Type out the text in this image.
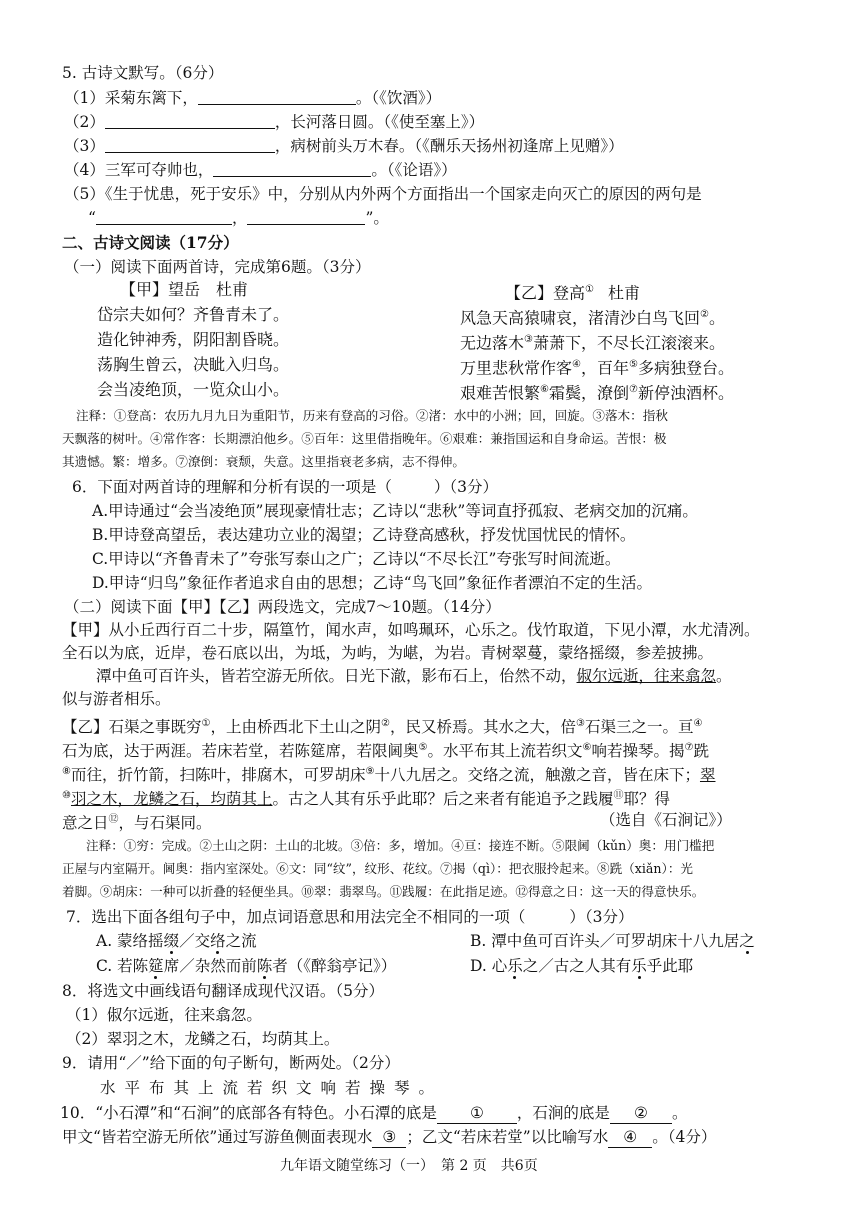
5. 古诗文默写。（6分）
（1）采菊东篱下，	。（《饮酒》）
（2）	，长河落日圆。（《使至塞上》）
（3）	，病树前头万木春。（《酬乐天扬州初逢席上见赠》）
（4）三军可夺帅也，	。（《论语》）
（5）《生于忧患，死于安乐》中，分别从内外两个方面指出一个国家走向灭亡的原因的两句是
“	，	”。
二、古诗文阅读（17分）
（一）阅读下面两首诗，完成第6题。（3分）
【甲】望岳　杜甫	【乙】登高① 杜甫
岱宗夫如何？齐鲁青未了。
造化钟神秀，阴阳割昏晓。
荡胸生曾云，决眦入归鸟。
会当凌绝顶，一览众山小。
风急天高猿啸哀，渚清沙白鸟飞回②。
无边落木③萧萧下，不尽长江滚滚来。
万里悲秋常作客④，百年⑤多病独登台。
艰难苦恨繁⑥霜鬓，潦倒⑦新停浊酒杯。
注释：①登高：农历九月九日为重阳节，历来有登高的习俗。②渚：水中的小洲；回，回旋。③落木：指秋
天飘落的树叶。④常作客：长期漂泊他乡。⑤百年：这里借指晚年。⑥艰难：兼指国运和自身命运。苦恨：极
其遗憾。繁：增多。⑦潦倒：衰颓，失意。这里指衰老多病，志不得伸。
6．下面对两首诗的理解和分析有误的一项是（	）（3分）
A.甲诗通过“会当凌绝顶”展现豪情壮志；乙诗以“悲秋”等词直抒孤寂、老病交加的沉痛。
B.甲诗登高望岳，表达建功立业的渴望；乙诗登高感秋，抒发忧国忧民的情怀。
C.甲诗以“齐鲁青未了”夸张写泰山之广；乙诗以“不尽长江”夸张写时间流逝。
D.甲诗“归鸟”象征作者追求自由的思想；乙诗“鸟飞回”象征作者漂泊不定的生活。
（二）阅读下面【甲】【乙】两段选文，完成7～10题。（14分）
【甲】从小丘西行百二十步，隔篁竹，闻水声，如鸣珮环，心乐之。伐竹取道，下见小潭，水尤清冽。
全石以为底，近岸，卷石底以出，为坻，为屿，为嵁，为岩。青树翠蔓，蒙络摇缀，参差披拂。
潭中鱼可百许头，皆若空游无所依。日光下澈，影布石上，佁然不动，俶尔远逝，往来翕忽。
似与游者相乐。
【乙】石渠之事既穷①，上由桥西北下土山之阴②，民又桥焉。其水之大，倍③石渠三之一。亘④
石为底，达于两涯。若床若堂，若陈筵席，若限阃奥⑤。水平布其上流若织文⑥响若操琴。揭⑦跣
⑧而往，折竹箭，扫陈叶，排腐木，可罗胡床⑨十八九居之。交络之流，触激之音，皆在床下；翠
⑩羽之木，龙鳞之石，均荫其上。古之人其有乐乎此耶？后之来者有能追予之践履⑪耶？得
意之日⑫，与石渠同。	（选自《石涧记》）
注释：①穷：完成。②土山之阴：土山的北坡。③倍：多，增加。④亘：接连不断。⑤限阃（kǔn）奥：用门槛把
正屋与内室隔开。阃奥：指内室深处。⑥文：同“纹”，纹形、花纹。⑦揭（qì）：把衣服拎起来。⑧跣（xiǎn）：光
着脚。⑨胡床：一种可以折叠的轻便坐具。⑩翠：翡翠鸟。⑪践履：在此指足迹。⑫得意之日：这一天的得意快乐。
7．选出下面各组句子中，加点词语意思和用法完全不相同的一项（	）（3分）
A. 蒙络摇缀／交络之流	B. 潭中鱼可百许头／可罗胡床十八九居之
C. 若陈筵席／杂然而前陈者（《醉翁亭记》）	D. 心乐之／古之人其有乐乎此耶
8．将选文中画线语句翻译成现代汉语。（5分）
（1）俶尔远逝，往来翕忽。
（2）翠羽之木，龙鳞之石，均荫其上。
9．请用“／”给下面的句子断句，断两处。（2分）
水平布其上流若织文响若操琴。
10．“小石潭”和“石涧”的底部各有特色。小石潭的底是 ① ，石涧的底是 ② 。
甲文“皆若空游无所依”通过写游鱼侧面表现水 ③ ；乙文“若床若堂”以比喻写水 ④ 。（4分）
九年语文随堂练习（一）　第 2 页　共6页
